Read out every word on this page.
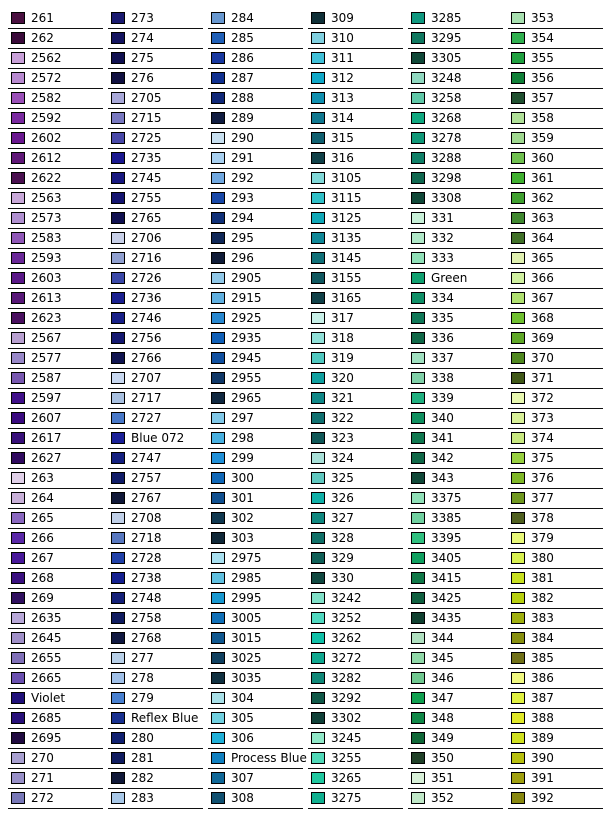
261
262
2562
2572
2582
2592
2602
2612
2622
2563
2573
2583
2593
2603
2613
2623
2567
2577
2587
2597
2607
2617
2627
263
264
265
266
267
268
269
2635
2645
2655
2665
Violet
2685
2695
270
271
272
273
274
275
276
2705
2715
2725
2735
2745
2755
2765
2706
2716
2726
2736
2746
2756
2766
2707
2717
2727
Blue 072
2747
2757
2767
2708
2718
2728
2738
2748
2758
2768
277
278
279
Reflex Blue
280
281
282
283
284
285
286
287
288
289
290
291
292
293
294
295
296
2905
2915
2925
2935
2945
2955
2965
297
298
299
300
301
302
303
2975
2985
2995
3005
3015
3025
3035
304
305
306
Process Blue
307
308
309
310
311
312
313
314
315
316
3105
3115
3125
3135
3145
3155
3165
317
318
319
320
321
322
323
324
325
326
327
328
329
330
3242
3252
3262
3272
3282
3292
3302
3245
3255
3265
3275
3285
3295
3305
3248
3258
3268
3278
3288
3298
3308
331
332
333
Green
334
335
336
337
338
339
340
341
342
343
3375
3385
3395
3405
3415
3425
3435
344
345
346
347
348
349
350
351
352
353
354
355
356
357
358
359
360
361
362
363
364
365
366
367
368
369
370
371
372
373
374
375
376
377
378
379
380
381
382
383
384
385
386
387
388
389
390
391
392
